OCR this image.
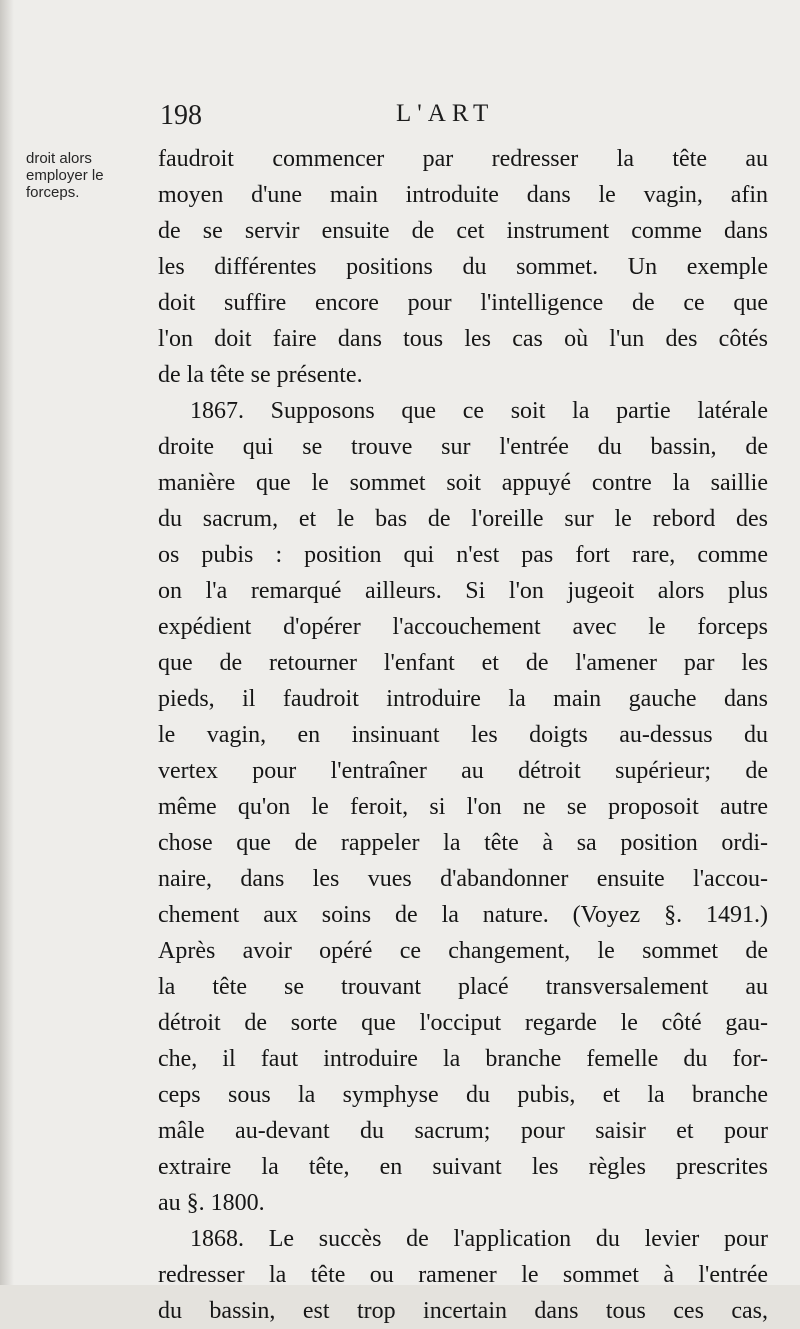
198	L'ART
droit alors
employer le
forceps.
faudroit commencer par redresser la tête au
moyen d'une main introduite dans le vagin, afin
de se servir ensuite de cet instrument comme dans
les différentes positions du sommet. Un exemple
doit suffire encore pour l'intelligence de ce que
l'on doit faire dans tous les cas où l'un des côtés
de la tête se présente.
1867. Supposons que ce soit la partie latérale
droite qui se trouve sur l'entrée du bassin, de
manière que le sommet soit appuyé contre la saillie
du sacrum, et le bas de l'oreille sur le rebord des
os pubis : position qui n'est pas fort rare, comme
on l'a remarqué ailleurs. Si l'on jugeoit alors plus
expédient d'opérer l'accouchement avec le forceps
que de retourner l'enfant et de l'amener par les
pieds, il faudroit introduire la main gauche dans
le vagin, en insinuant les doigts au-dessus du
vertex pour l'entraîner au détroit supérieur; de
même qu'on le feroit, si l'on ne se proposoit autre
chose que de rappeler la tête à sa position ordi-
naire, dans les vues d'abandonner ensuite l'accou-
chement aux soins de la nature. (Voyez §. 1491.)
Après avoir opéré ce changement, le sommet de
la tête se trouvant placé transversalement au
détroit de sorte que l'occiput regarde le côté gau-
che, il faut introduire la branche femelle du for-
ceps sous la symphyse du pubis, et la branche
mâle au-devant du sacrum; pour saisir et pour
extraire la tête, en suivant les règles prescrites
au §. 1800.
1868. Le succès de l'application du levier pour
redresser la tête ou ramener le sommet à l'entrée
du bassin, est trop incertain dans tous ces cas,
